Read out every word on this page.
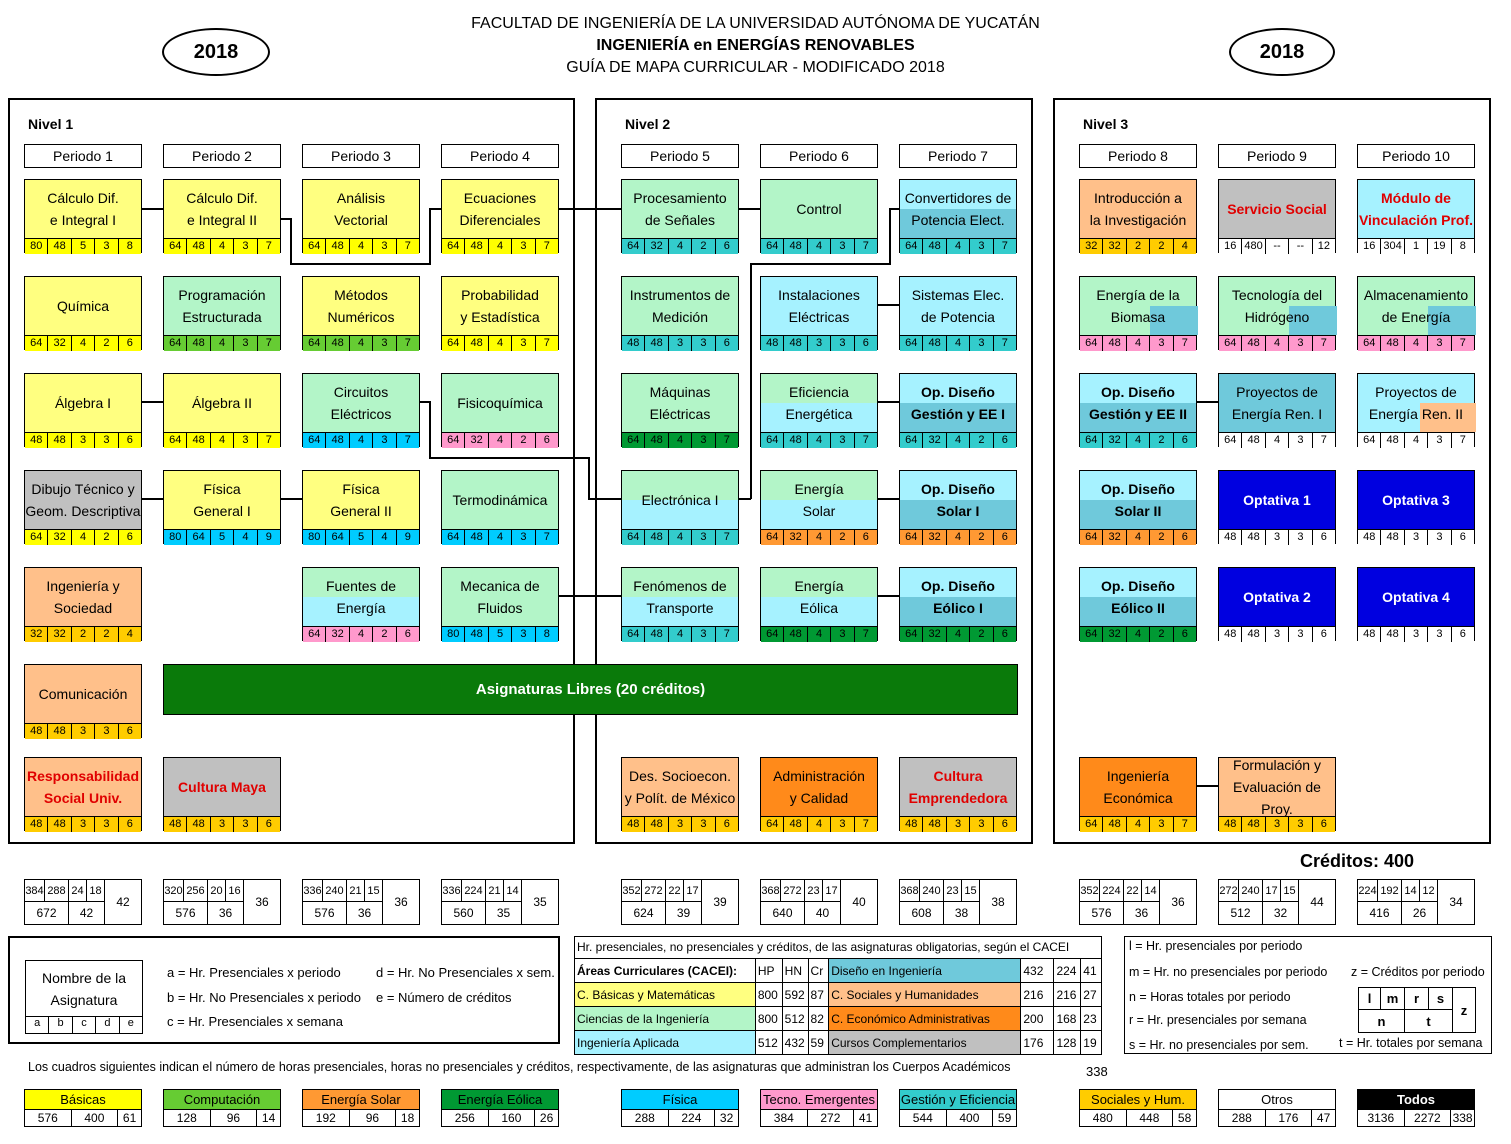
FACULTAD DE INGENIERÍA DE LA UNIVERSIDAD AUTÓNOMA DE YUCATÁN
INGENIERÍA en ENERGÍAS RENOVABLES
GUÍA DE MAPA CURRICULAR - MODIFICADO 2018
2018	2018
Nivel 1	Nivel 2	Nivel 3
Periodo 1	Periodo 2	Periodo 3	Periodo 4	Periodo 5	Periodo 6	Periodo 7	Periodo 8	Periodo 9	Periodo 10
Cálculo Dif.
e Integral I
80	48	5	3	8
Química
64	32	4	2	6
Álgebra I
48	48	3	3	6
Dibujo Técnico y
Geom. Descriptiva
64	32	4	2	6
Ingeniería y
Sociedad
32	32	2	2	4
Comunicación
48	48	3	3	6
Responsabilidad
Social Univ.
48	48	3	3	6
Cálculo Dif.
e Integral II
64	48	4	3	7
Programación
Estructurada
64	48	4	3	7
Álgebra II
64	48	4	3	7
Física
General I
80	64	5	4	9
Cultura Maya
48	48	3	3	6
Análisis
Vectorial
64	48	4	3	7
Métodos
Numéricos
64	48	4	3	7
Circuitos
Eléctricos
64	48	4	3	7
Física
General II
80	64	5	4	9
Fuentes de
Energía
64	32	4	2	6
Ecuaciones
Diferenciales
64	48	4	3	7
Probabilidad
y Estadística
64	48	4	3	7
Fisicoquímica
64	32	4	2	6
Termodinámica
64	48	4	3	7
Mecanica de
Fluidos
80	48	5	3	8
Procesamiento
de Señales
64	32	4	2	6
Instrumentos de
Medición
48	48	3	3	6
Máquinas
Eléctricas
64	48	4	3	7
Electrónica I
64	48	4	3	7
Fenómenos de
Transporte
64	48	4	3	7
Des. Socioecon.
y Polít. de México
48	48	3	3	6
Control
64	48	4	3	7
Instalaciones
Eléctricas
48	48	3	3	6
Eficiencia
Energética
64	48	4	3	7
Energía
Solar
64	32	4	2	6
Energía
Eólica
64	48	4	3	7
Administración
y Calidad
64	48	4	3	7
Convertidores de
Potencia Elect.
64	48	4	3	7
Sistemas Elec.
de Potencia
64	48	4	3	7
Op. Diseño
Gestión y EE I
64	32	4	2	6
Op. Diseño
Solar I
64	32	4	2	6
Op. Diseño
Eólico I
64	32	4	2	6
Cultura
Emprendedora
48	48	3	3	6
Introducción a
la Investigación
32	32	2	2	4
Energía de la
Biomasa
64	48	4	3	7
Op. Diseño
Gestión y EE II
64	32	4	2	6
Op. Diseño
Solar II
64	32	4	2	6
Op. Diseño
Eólico II
64	32	4	2	6
Ingeniería
Económica
64	48	4	3	7
Servicio Social
16 480 --	--	12
Tecnología del
Hidrógeno
64	48	4	3	7
Proyectos de
Energía Ren. I
64	48	4	3	7
Optativa 1
48	48	3	3	6
Optativa 2
48	48	3	3	6
Formulación y
Evaluación de Proy.
48	48	3	3	6
Módulo de
Vinculación Prof.
16 304	1	19	8
Almacenamiento
de Energía
64	48	4	3	7
Proyectos de
Energía Ren. II
64	48	4	3	7
Optativa 3
48	48	3	3	6
Optativa 4
48	48	3	3	6
Asignaturas Libres (20 créditos)
Créditos: 400
384 288 24 18
42
672	42
320 256 20 16
36
576	36
336 240 21 15
36
576	36
336 224 21 14
35
560	35
352 272 22 17
39
624	39
368 272 23 17
40
640	40
368 240 23 15
38
608	38
352 224 22 14
36
576	36
272 240 17 15
44
512	32
224 192 14 12
34
416	26
Nombre de la
Asignatura
a	b	c	d	e
a = Hr. Presenciales x periodo
b = Hr. No Presenciales x periodo
c = Hr. Presenciales x semana
d = Hr. No Presenciales x sem.
e = Número de créditos
Hr. presenciales, no presenciales y créditos, de las asignaturas obligatorias, según el CACEI
Áreas Curriculares (CACEI):	HP	HN	Cr	Diseño en Ingeniería	432	224	41
C. Básicas y Matemáticas	800	592	87	C. Sociales y Humanidades	216	216	27
Ciencias de la Ingeniería	800	512	82	C. Económico Administrativas	200	168	23
Ingeniería Aplicada	512	432	59	Cursos Complementarios	176	128	19
338
l = Hr. presenciales por periodo
m = Hr. no presenciales por periodo z = Créditos por periodo
n = Horas totales por periodo
r = Hr. presenciales por semana
s = Hr. no presenciales por sem. t = Hr. totales por semana
l	m	r	s
z
n	t
Los cuadros siguientes indican el número de horas presenciales, horas no presenciales y créditos, respectivamente, de las asignaturas que administran los Cuerpos Académicos
Básicas
576	400	61
Computación
128	96	14
Energía Solar
192	96	18
Energía Eólica
256	160	26
Física
288	224	32
Tecno. Emergentes
384	272	41
Gestión y Eficiencia
544	400	59
Sociales y Hum.
480	448	58
Otros
288	176	47
Todos
3136	2272 338
